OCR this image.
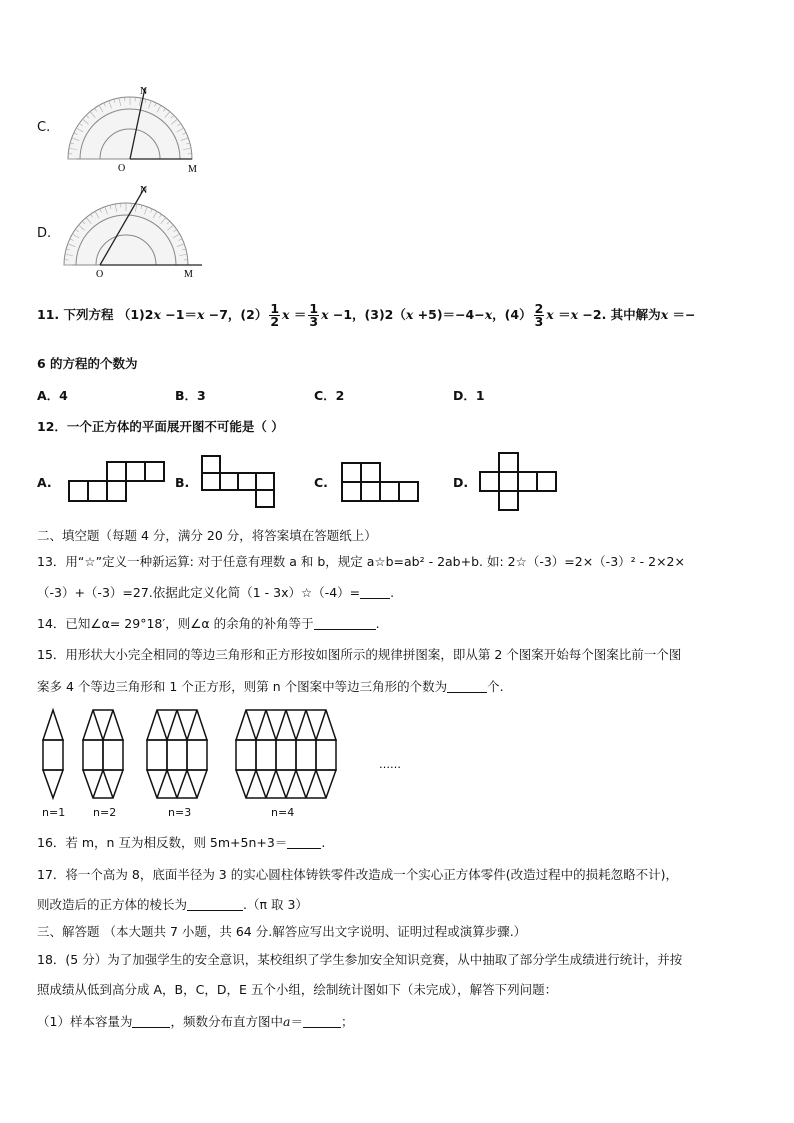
C.
N
O	M
D.
N
O	M
11. 下列方程 （1)2x −1＝x −7，$(2) \frac{1}{2}$ $x = \frac{1}{3}$ x −1，(3)2（x +5)＝−4−x，$(4) \frac{2}{3}$ x ＝x −2. 其中解为x ＝−
6 的方程的个数为
A．4	B．3	C．2	D．1
12．一个正方体的平面展开图不可能是（ ）
A.	B.	C.	D.
二、填空题（每题 4 分，满分 20 分，将答案填在答题纸上）
13．用“☆”定义一种新运算: 对于任意有理数 a 和 b，规定 a☆b=ab² - 2ab+b. 如: 2☆（-3）=2×（-3）² - 2×2×
（-3）+（-3）=27.依据此定义化简（1 - 3x）☆（-4）= .
14．已知∠α= 29°18′，则∠α 的余角的补角等于	.
15．用形状大小完全相同的等边三角形和正方形按如图所示的规律拼图案，即从第 2 个图案开始每个图案比前一个图
案多 4 个等边三角形和 1 个正方形，则第 n 个图案中等边三角形的个数为	个.
……
n=1	n=2	n=3	n=4
16．若 m，n 互为相反数，则 5m+5n+3＝	.
17．将一个高为 8，底面半径为 3 的实心圆柱体铸铁零件改造成一个实心正方体零件(改造过程中的损耗忽略不计)，
则改造后的正方体的棱长为	.（π 取 3）
三、解答题 （本大题共 7 小题，共 64 分.解答应写出文字说明、证明过程或演算步骤.）
18．(5 分）为了加强学生的安全意识，某校组织了学生参加安全知识竞赛，从中抽取了部分学生成绩进行统计，并按
照成绩从低到高分成 A，B，C，D，E 五个小组，绘制统计图如下（未完成），解答下列问题：
（1）样本容量为	，频数分布直方图中a＝	；
